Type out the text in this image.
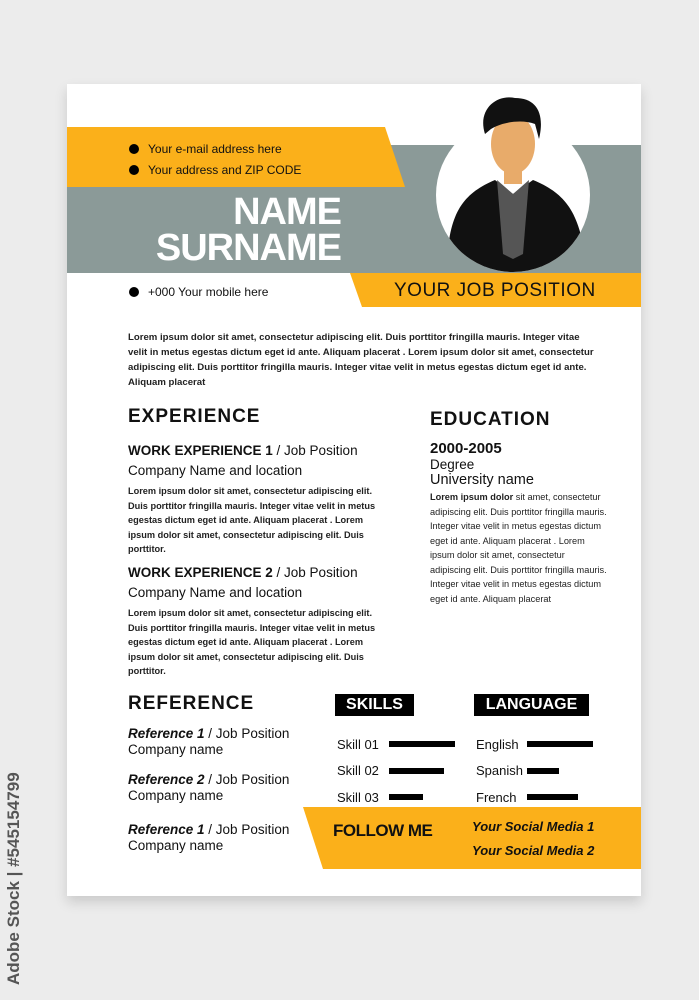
Adobe Stock | #545154799
Your e-mail address here
Your address and ZIP CODE
NAME
SURNAME
+000 Your mobile here	YOUR JOB POSITION
Lorem ipsum dolor sit amet, consectetur adipiscing elit. Duis porttitor fringilla mauris. Integer vitae velit in metus egestas dictum eget id ante. Aliquam placerat . Lorem ipsum dolor sit amet, consectetur adipiscing elit. Duis porttitor fringilla mauris. Integer vitae velit in metus egestas dictum eget id ante. Aliquam placerat
EXPERIENCE
WORK EXPERIENCE 1 / Job Position
Company Name and location
Lorem ipsum dolor sit amet, consectetur adipiscing elit. Duis porttitor fringilla mauris. Integer vitae velit in metus egestas dictum eget id ante. Aliquam placerat . Lorem ipsum dolor sit amet, consectetur adipiscing elit. Duis porttitor.
WORK EXPERIENCE 2 / Job Position
Company Name and location
Lorem ipsum dolor sit amet, consectetur adipiscing elit. Duis porttitor fringilla mauris. Integer vitae velit in metus egestas dictum eget id ante. Aliquam placerat . Lorem ipsum dolor sit amet, consectetur adipiscing elit. Duis porttitor.
EDUCATION
2000-2005
Degree
University name
Lorem ipsum dolor sit amet, consectetur adipiscing elit. Duis porttitor fringilla mauris. Integer vitae velit in metus egestas dictum eget id ante. Aliquam placerat . Lorem ipsum dolor sit amet, consectetur adipiscing elit. Duis porttitor fringilla mauris. Integer vitae velit in metus egestas dictum eget id ante. Aliquam placerat
REFERENCE
Reference 1 / Job Position
Company name
Reference 2 / Job Position
Company name
Reference 1 / Job Position
Company name
SKILLS	LANGUAGE
Skill 01
Skill 02
Skill 03
English
Spanish
French
FOLLOW ME	Your Social Media 1
Your Social Media 2
